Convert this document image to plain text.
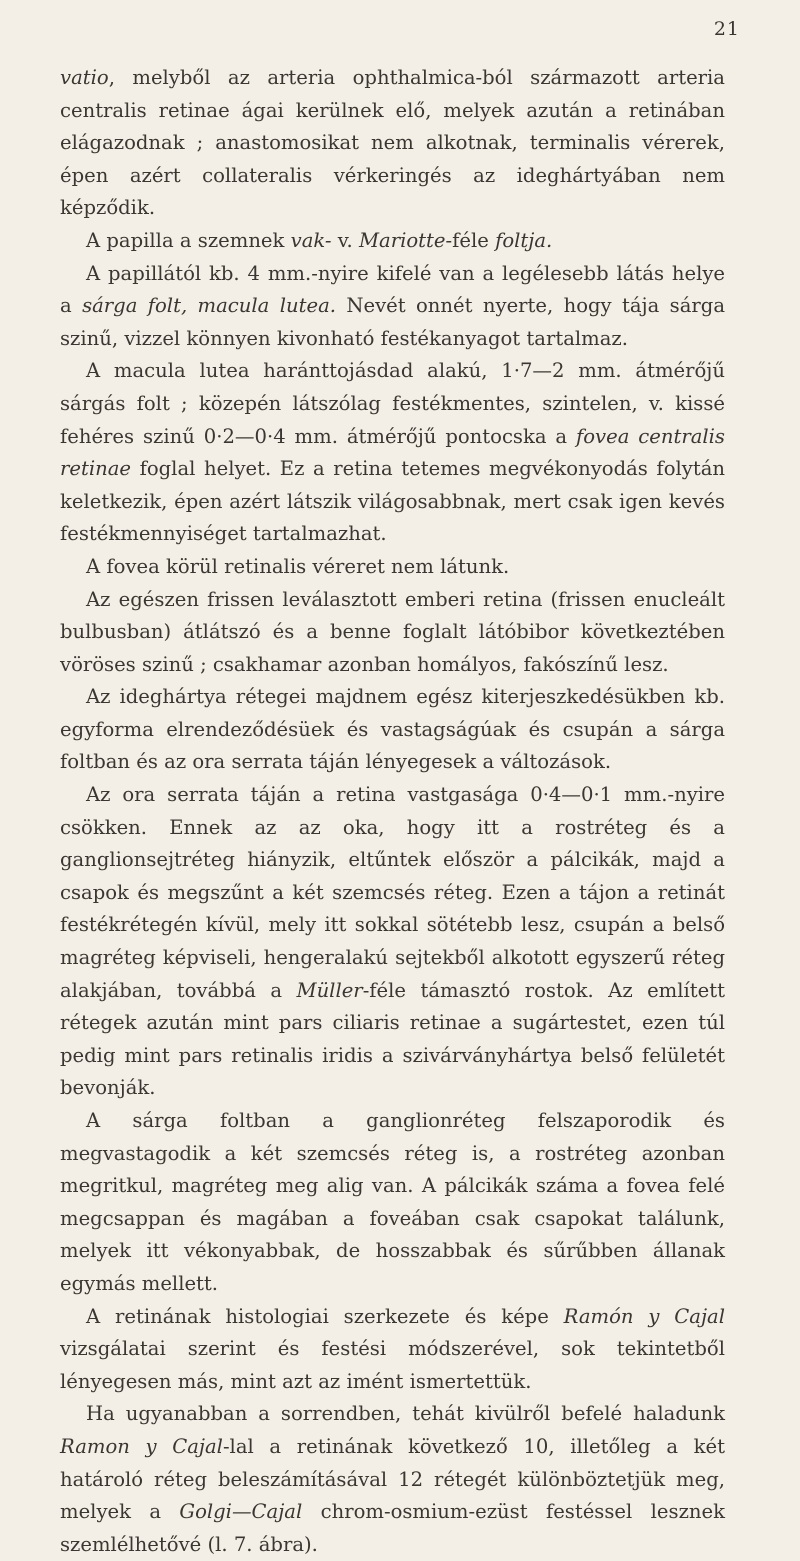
21

vatio, melyből az arteria ophthalmica-ból származott arteria centralis retinae ágai kerülnek elő, melyek azután a retinában elágazodnak ; anastomosikat nem alkotnak, terminalis vérerek, épen azért collateralis vérkeringés az ideghártyában nem képződik.

A papilla a szemnek vak- v. Mariotte-féle foltja.

A papillától kb. 4 mm.-nyire kifelé van a legélesebb látás helye a sárga folt, macula lutea. Nevét onnét nyerte, hogy tája sárga szinű, vizzel könnyen kivonható festékanyagot tartalmaz.

A macula lutea haránttojásdad alakú, 1·7—2 mm. átmérőjű sárgás folt ; közepén látszólag festékmentes, szintelen, v. kissé fehéres szinű 0·2—0·4 mm. átmérőjű pontocska a fovea centralis retinae foglal helyet. Ez a retina tetemes megvékonyodás folytán keletkezik, épen azért látszik világosabbnak, mert csak igen kevés festékmennyiséget tartalmazhat.

A fovea körül retinalis véreret nem látunk.

Az egészen frissen leválasztott emberi retina (frissen enucleált bulbusban) átlátszó és a benne foglalt látóbibor következtében vöröses szinű ; csakhamar azonban homályos, fakószínű lesz.

Az ideghártya rétegei majdnem egész kiterjeszkedésükben kb. egyforma elrendeződésüek és vastagságúak és csupán a sárga foltban és az ora serrata táján lényegesek a változások.

Az ora serrata táján a retina vastgasága 0·4—0·1 mm.-nyire csökken. Ennek az az oka, hogy itt a rostréteg és a ganglionsejtréteg hiányzik, eltűntek először a pálcikák, majd a csapok és megszűnt a két szemcsés réteg. Ezen a tájon a retinát festékrétegén kívül, mely itt sokkal sötétebb lesz, csupán a belső magréteg képviseli, hengeralakú sejtekből alkotott egyszerű réteg alakjában, továbbá a Müller-féle támasztó rostok. Az említett rétegek azután mint pars ciliaris retinae a sugártestet, ezen túl pedig mint pars retinalis iridis a szivárványhártya belső felületét bevonják.

A sárga foltban a ganglionréteg felszaporodik és megvastagodik a két szemcsés réteg is, a rostréteg azonban megritkul, magréteg meg alig van. A pálcikák száma a fovea felé megcsappan és magában a foveában csak csapokat találunk, melyek itt vékonyabbak, de hosszabbak és sűrűbben állanak egymás mellett.

A retinának histologiai szerkezete és képe Ramón y Cajal vizsgálatai szerint és festési módszerével, sok tekintetből lényegesen más, mint azt az imént ismertettük.

Ha ugyanabban a sorrendben, tehát kivülről befelé haladunk Ramon y Cajal-lal a retinának következő 10, illetőleg a két határoló réteg beleszámításával 12 rétegét különböztetjük meg, melyek a Golgi—Cajal chrom-osmium-ezüst festéssel lesznek szemlélhetővé (l. 7. ábra).
